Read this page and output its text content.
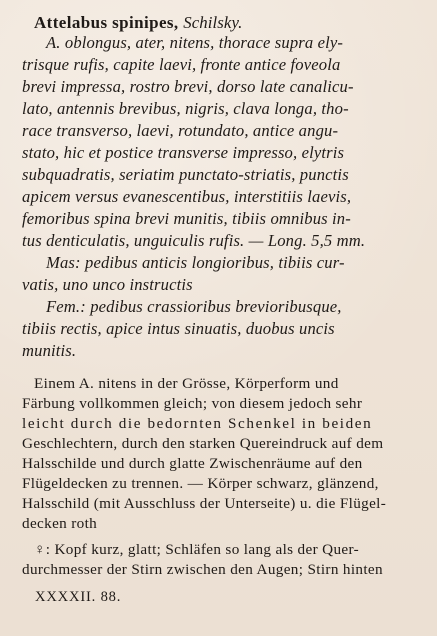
Attelabus spinipes, Schilsky.
A. oblongus, ater, nitens, thorace supra ely-
trisque rufis, capite laevi, fronte antice foveola
brevi impressa, rostro brevi, dorso late canalicu-
lato, antennis brevibus, nigris, clava longa, tho-
race transverso, laevi, rotundato, antice angu-
stato, hic et postice transverse impresso, elytris
subquadratis, seriatim punctato-striatis, punctis
apicem versus evanescentibus, interstitiis laevis,
femoribus spina brevi munitis, tibiis omnibus in-
tus denticulatis, unguiculis rufis. — Long. 5,5 mm.
Mas: pedibus anticis longioribus, tibiis cur-
vatis, uno unco instructis
Fem.: pedibus crassioribus brevioribusque,
tibiis rectis, apice intus sinuatis, duobus uncis
munitis.
Einem A. nitens in der Grösse, Körperform und
Färbung vollkommen gleich; von diesem jedoch sehr
leicht durch die bedornten Schenkel in beiden
Geschlechtern, durch den starken Quereindruck auf dem
Halsschilde und durch glatte Zwischenräume auf den
Flügeldecken zu trennen. — Körper schwarz, glänzend,
Halsschild (mit Ausschluss der Unterseite) u. die Flügel-
decken roth
♀: Kopf kurz, glatt; Schläfen so lang als der Quer-
durchmesser der Stirn zwischen den Augen; Stirn hinten
XXXXII. 88.
